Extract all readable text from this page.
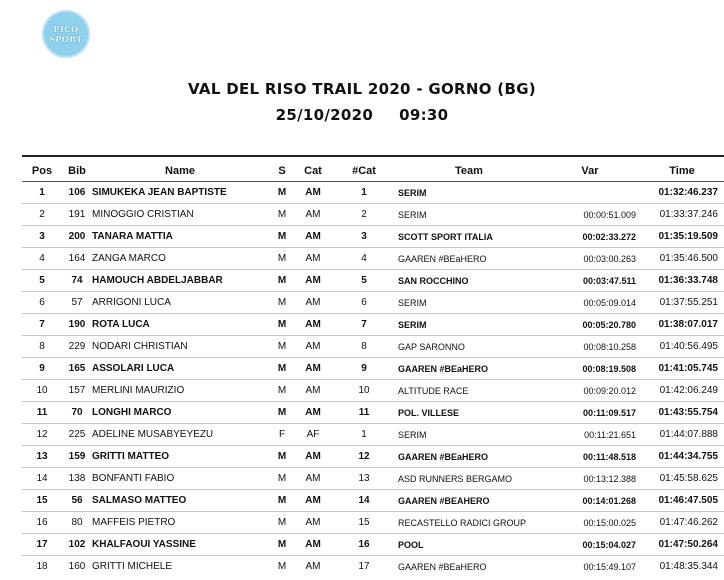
PICO
SPORT
VAL DEL RISO TRAIL 2020 - GORNO (BG)
25/10/2020 09:30
Pos	Bib	Name	S	Cat	#Cat	Team	Var	Time
1	106	SIMUKEKA JEAN BAPTISTE	M	AM	1	SERIM		01:32:46.237
2	191	MINOGGIO CRISTIAN	M	AM	2	SERIM	00:00:51.009	01:33:37.246
3	200	TANARA MATTIA	M	AM	3	SCOTT SPORT ITALIA	00:02:33.272	01:35:19.509
4	164	ZANGA MARCO	M	AM	4	GAAREN #BEaHERO	00:03:00.263	01:35:46.500
5	74	HAMOUCH ABDELJABBAR	M	AM	5	SAN ROCCHINO	00:03:47.511	01:36:33.748
6	57	ARRIGONI LUCA	M	AM	6	SERIM	00:05:09.014	01:37:55.251
7	190	ROTA LUCA	M	AM	7	SERIM	00:05:20.780	01:38:07.017
8	229	NODARI CHRISTIAN	M	AM	8	GAP SARONNO	00:08:10.258	01:40:56.495
9	165	ASSOLARI LUCA	M	AM	9	GAAREN #BEaHERO	00:08:19.508	01:41:05.745
10	157	MERLINI MAURIZIO	M	AM	10	ALTITUDE RACE	00:09:20.012	01:42:06.249
11	70	LONGHI MARCO	M	AM	11	POL. VILLESE	00:11:09.517	01:43:55.754
12	225	ADELINE MUSABYEYEZU	F	AF	1	SERIM	00:11:21.651	01:44:07.888
13	159	GRITTI MATTEO	M	AM	12	GAAREN #BEaHERO	00:11:48.518	01:44:34.755
14	138	BONFANTI FABIO	M	AM	13	ASD RUNNERS BERGAMO	00:13:12.388	01:45:58.625
15	56	SALMASO MATTEO	M	AM	14	GAAREN #BEAHERO	00:14:01.268	01:46:47.505
16	80	MAFFEIS PIETRO	M	AM	15	RECASTELLO RADICI GROUP	00:15:00.025	01:47:46.262
17	102	KHALFAOUI YASSINE	M	AM	16	POOL	00:15:04.027	01:47:50.264
18	160	GRITTI MICHELE	M	AM	17	GAAREN #BEaHERO	00:15:49.107	01:48:35.344
